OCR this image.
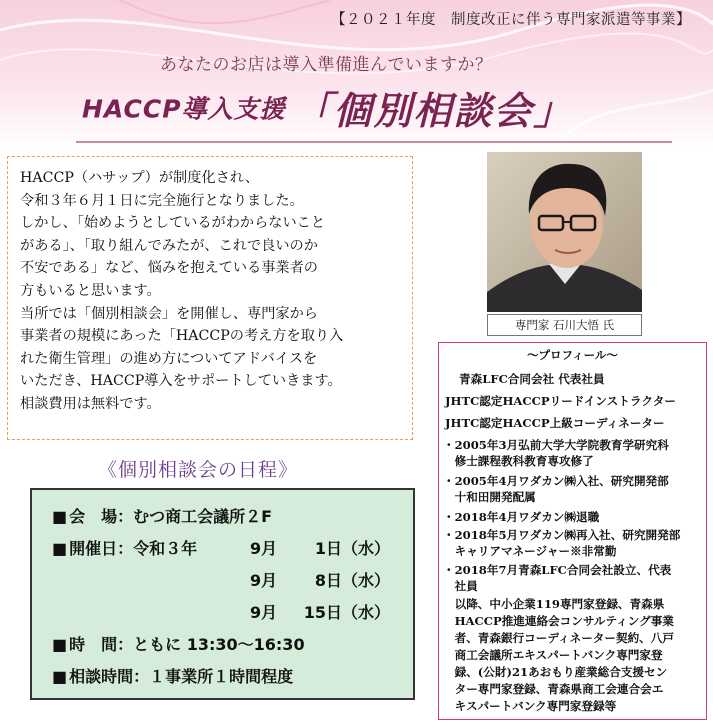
【２０２１年度　制度改正に伴う専門家派遣等事業】
あなたのお店は導入準備進んでいますか？
HACCP導入支援 「個別相談会」

HACCP（ハサップ）が制度化され、

令和３年６月１日に完全施行となりました。

しかし、「始めようとしているがわからないこと

がある」、「取り組んでみたが、これで良いのか

不安である」など、悩みを抱えている事業者の

方もいると思います。

当所では「個別相談会」を開催し、専門家から

事業者の規模にあった「HACCPの考え方を取り入

れた衛生管理」の進め方についてアドバイスを

いただき、HACCP導入をサポートしていきます。

相談費用は無料です。

《個別相談会の日程》
■ 会　場：むつ商工会議所２F
■ 開催日：令和３年	9月 1日（水）
9月 8日（水）
9月 15日（水）
■ 時　間：ともに 13:30～16:30
■ 相談時間：１事業所１時間程度
専門家 石川大悟 氏
～プロフィール～
青森LFC合同会社 代表社員
JHTC認定HACCPリードインストラクター
JHTC認定HACCP上級コーディネーター
・2005年3月弘前大学大学院教育学研究科
　修士課程教科教育専攻修了
・2005年4月ワダカン㈱入社、研究開発部
　十和田開発配属
・2018年4月ワダカン㈱退職
・2018年5月ワダカン㈱再入社、研究開発部
　キャリアマネージャー※非常勤
・2018年7月青森LFC合同会社設立、代表
　社員
　以降、中小企業119専門家登録、青森県
　HACCP推進連絡会コンサルティング事業
　者、青森銀行コーディネーター契約、八戸
　商工会議所エキスパートバンク専門家登
　録、(公財)21あおもり産業総合支援セン
　ター専門家登録、青森県商工会連合会エ
　キスパートバンク専門家登録等
